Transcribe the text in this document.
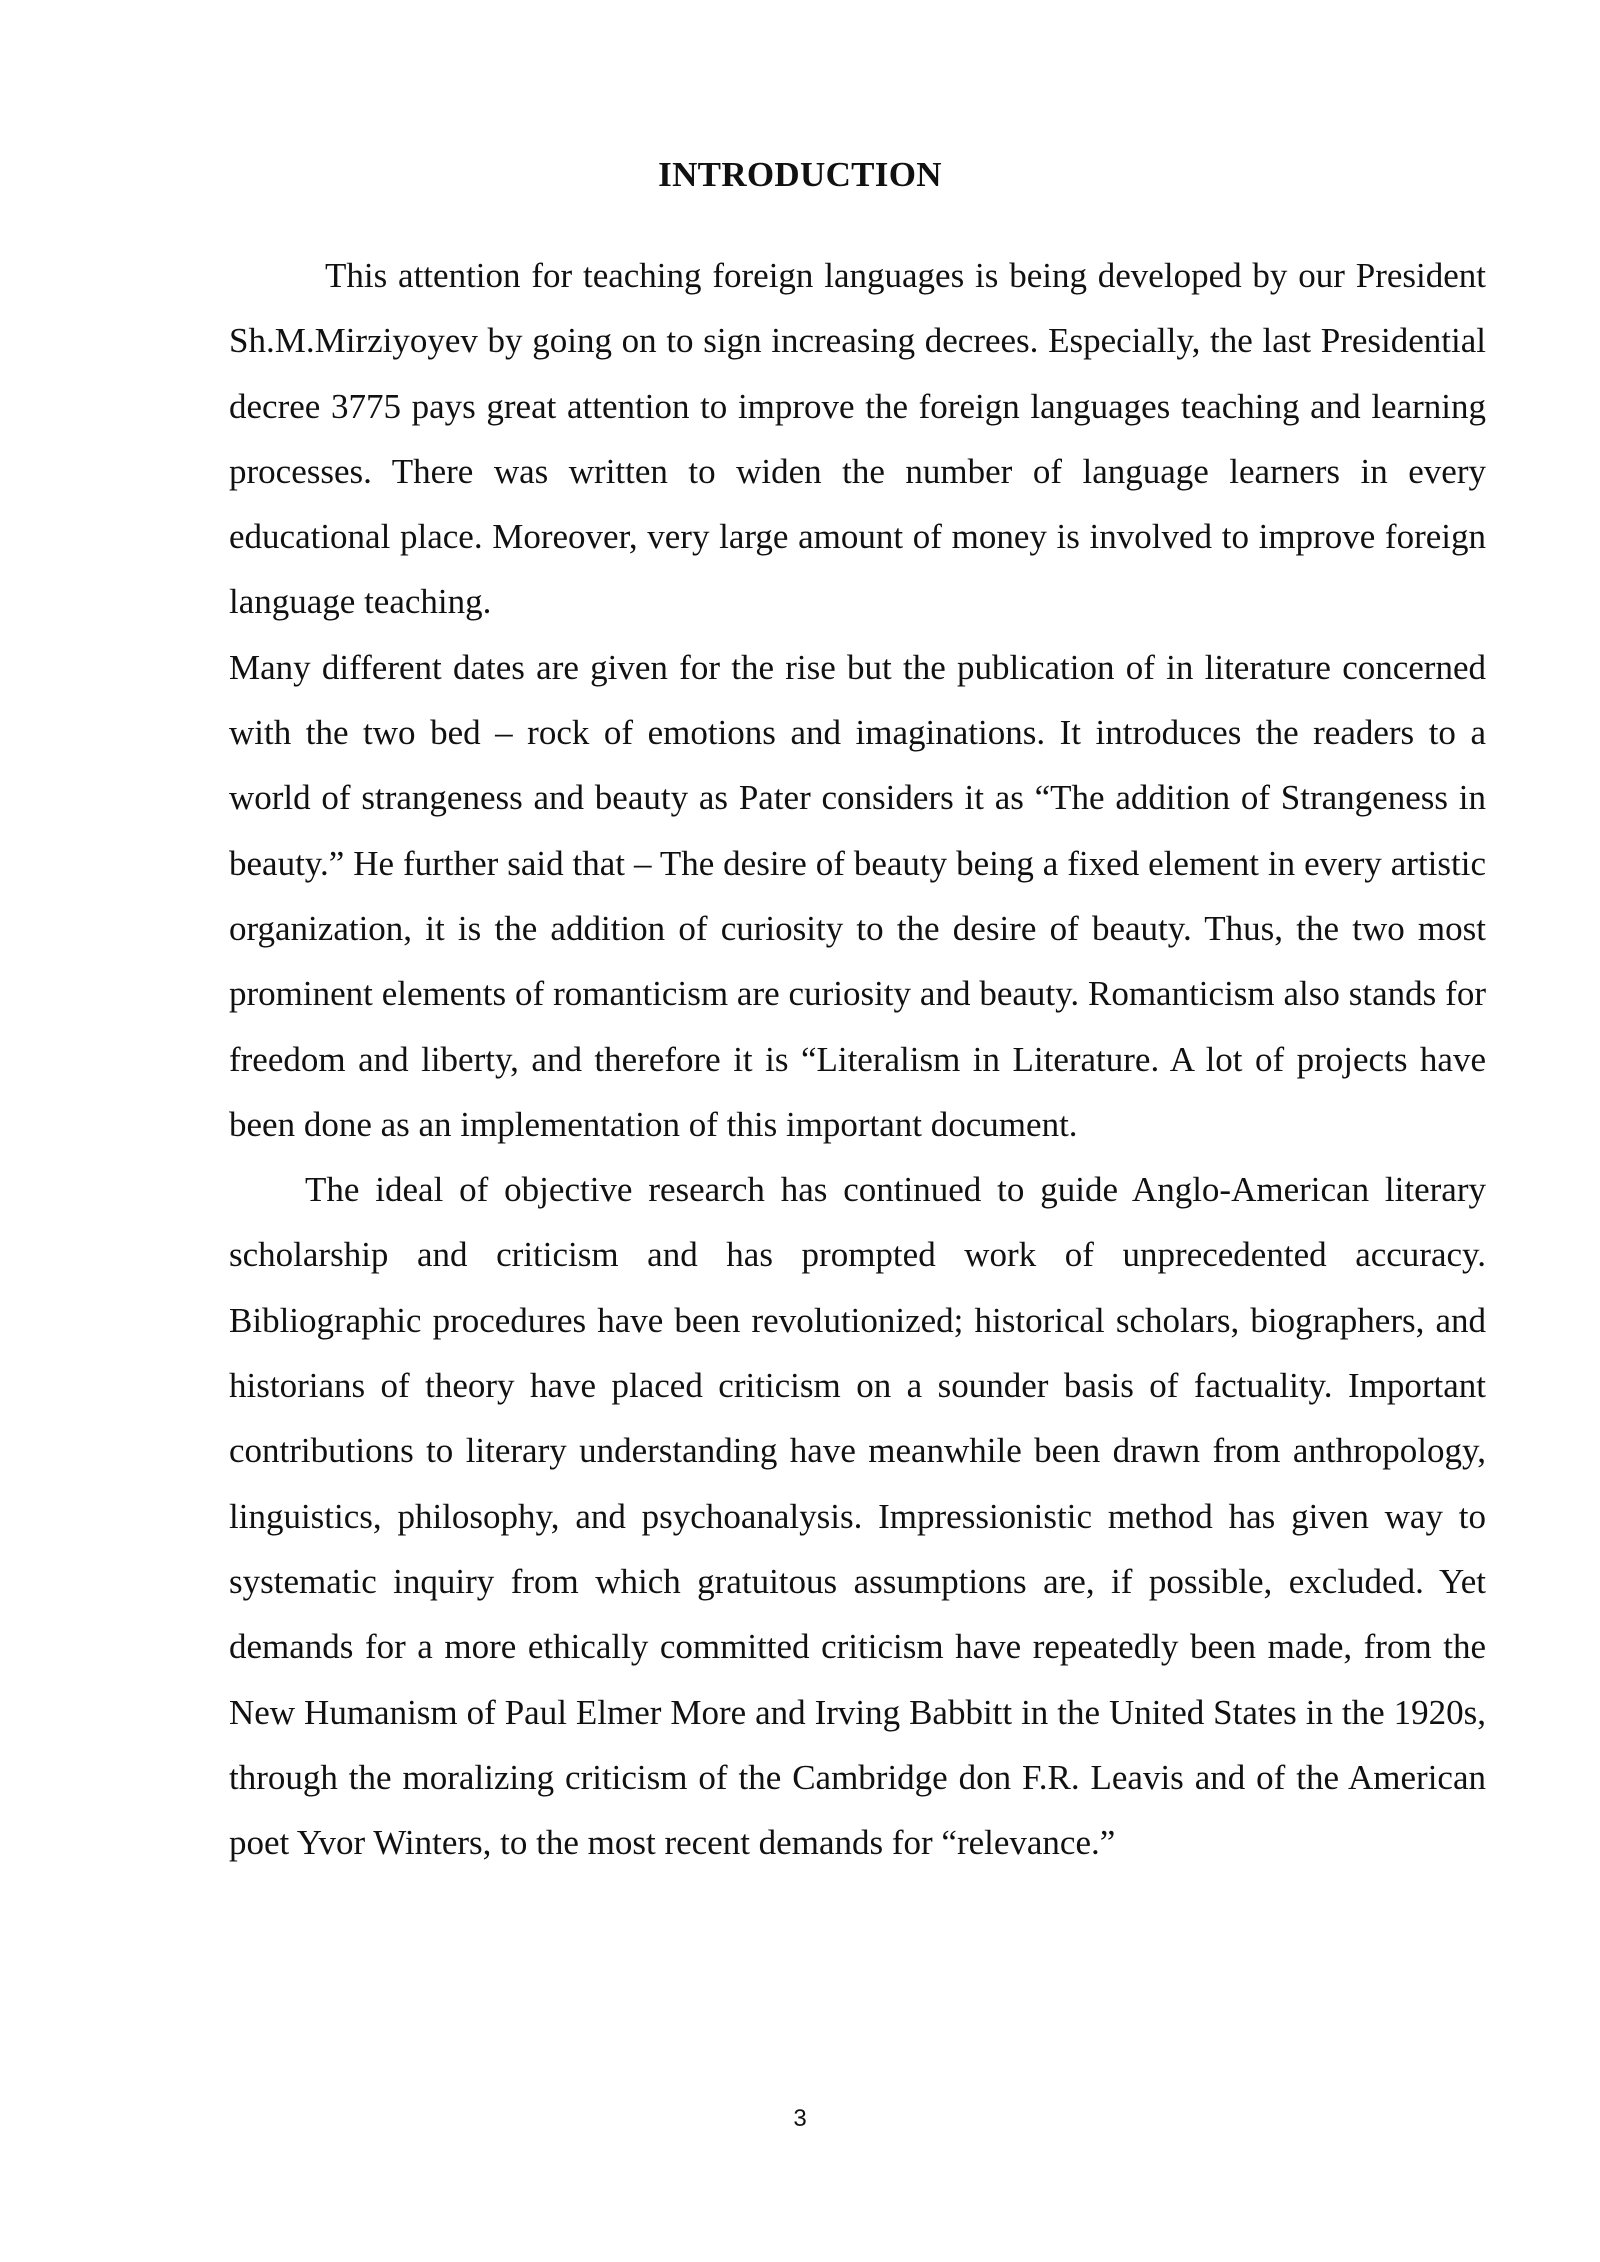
INTRODUCTION

This attention for teaching foreign languages is being developed by our President Sh.M.Mirziyoyev by going on to sign increasing decrees. Especially, the last Presidential decree 3775 pays great attention to improve the foreign languages teaching and learning processes. There was written to widen the number of language learners in every educational place. Moreover, very large amount of money is involved to improve foreign language teaching.

Many different dates are given for the rise but the publication of in literature concerned with the two bed – rock of emotions and imaginations. It introduces the readers to a world of strangeness and beauty as Pater considers it as “The addition of Strangeness in beauty.” He further said that – The desire of beauty being a fixed element in every artistic organization, it is the addition of curiosity to the desire of beauty. Thus, the two most prominent elements of romanticism are curiosity and beauty. Romanticism also stands for freedom and liberty, and therefore it is “Literalism in Literature. A lot of projects have been done as an implementation of this important document.

The ideal of objective research has continued to guide Anglo-American literary scholarship and criticism and has prompted work of unprecedented accuracy. Bibliographic procedures have been revolutionized; historical scholars, biographers, and historians of theory have placed criticism on a sounder basis of factuality. Important contributions to literary understanding have meanwhile been drawn from anthropology, linguistics, philosophy, and psychoanalysis. Impressionistic method has given way to systematic inquiry from which gratuitous assumptions are, if possible, excluded. Yet demands for a more ethically committed criticism have repeatedly been made, from the New Humanism of Paul Elmer More and Irving Babbitt in the United States in the 1920s, through the moralizing criticism of the Cambridge don F.R. Leavis and of the American poet Yvor Winters, to the most recent demands for “relevance.”

3
